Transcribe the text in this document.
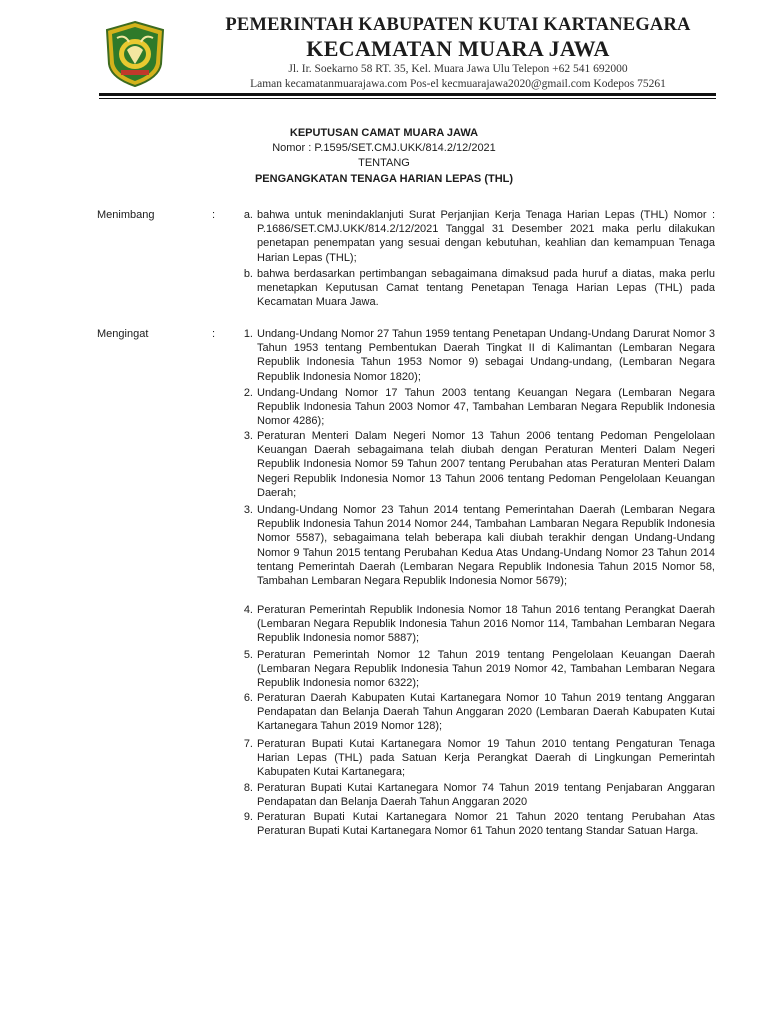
PEMERINTAH KABUPATEN KUTAI KARTANEGARA
KECAMATAN MUARA JAWA
Jl. Ir. Soekarno 58 RT. 35, Kel. Muara Jawa Ulu Telepon +62 541 692000
Laman kecamatanmuarajawa.com Pos-el kecmuarajawa2020@gmail.com Kodepos 75261
KEPUTUSAN CAMAT MUARA JAWA
Nomor : P.1595/SET.CMJ.UKK/814.2/12/2021
TENTANG
PENGANGKATAN TENAGA HARIAN LEPAS (THL)
Menimbang	:	a. bahwa untuk menindaklanjuti Surat Perjanjian Kerja Tenaga Harian Lepas (THL) Nomor : P.1686/SET.CMJ.UKK/814.2/12/2021 Tanggal 31 Desember 2021 maka perlu dilakukan penetapan penempatan yang sesuai dengan kebutuhan, keahlian dan kemampuan Tenaga Harian Lepas (THL);
b. bahwa berdasarkan pertimbangan sebagaimana dimaksud pada huruf a diatas, maka perlu menetapkan Keputusan Camat tentang Penetapan Tenaga Harian Lepas (THL) pada Kecamatan Muara Jawa.
Mengingat	:	1. Undang-Undang Nomor 27 Tahun 1959 tentang Penetapan Undang-Undang Darurat Nomor 3 Tahun 1953 tentang Pembentukan Daerah Tingkat II di Kalimantan (Lembaran Negara Republik Indonesia Tahun 1953 Nomor 9) sebagai Undang-undang, (Lembaran Negara Republik Indonesia Nomor 1820);
2. Undang-Undang Nomor 17 Tahun 2003 tentang Keuangan Negara (Lembaran Negara Republik Indonesia Tahun 2003 Nomor 47, Tambahan Lembaran Negara Republik Indonesia Nomor 4286);
3. Peraturan Menteri Dalam Negeri Nomor 13 Tahun 2006 tentang Pedoman Pengelolaan Keuangan Daerah sebagaimana telah diubah dengan Peraturan Menteri Dalam Negeri Republik Indonesia Nomor 59 Tahun 2007 tentang Perubahan atas Peraturan Menteri Dalam Negeri Republik Indonesia Nomor 13 Tahun 2006 tentang Pedoman Pengelolaan Keuangan Daerah;
3. Undang-Undang Nomor 23 Tahun 2014 tentang Pemerintahan Daerah (Lembaran Negara Republik Indonesia Tahun 2014 Nomor 244, Tambahan Lambaran Negara Republik Indonesia Nomor 5587), sebagaimana telah beberapa kali diubah terakhir dengan Undang-Undang Nomor 9 Tahun 2015 tentang Perubahan Kedua Atas Undang-Undang Nomor 23 Tahun 2014 tentang Pemerintah Daerah (Lembaran Negara Republik Indonesia Tahun 2015 Nomor 58, Tambahan Lembaran Negara Republik Indonesia Nomor 5679);
4. Peraturan Pemerintah Republik Indonesia Nomor 18 Tahun 2016 tentang Perangkat Daerah (Lembaran Negara Republik Indonesia Tahun 2016 Nomor 114, Tambahan Lembaran Negara Republik Indonesia nomor 5887);
5. Peraturan Pemerintah Nomor 12 Tahun 2019 tentang Pengelolaan Keuangan Daerah (Lembaran Negara Republik Indonesia Tahun 2019 Nomor 42, Tambahan Lembaran Negara Republik Indonesia nomor 6322);
6. Peraturan Daerah Kabupaten Kutai Kartanegara Nomor 10 Tahun 2019 tentang Anggaran Pendapatan dan Belanja Daerah Tahun Anggaran 2020 (Lembaran Daerah Kabupaten Kutai Kartanegara Tahun 2019 Nomor 128);
7. Peraturan Bupati Kutai Kartanegara Nomor 19 Tahun 2010 tentang Pengaturan Tenaga Harian Lepas (THL) pada Satuan Kerja Perangkat Daerah di Lingkungan Pemerintah Kabupaten Kutai Kartanegara;
8. Peraturan Bupati Kutai Kartanegara Nomor 74 Tahun 2019 tentang Penjabaran Anggaran Pendapatan dan Belanja Daerah Tahun Anggaran 2020
9. Peraturan Bupati Kutai Kartanegara Nomor 21 Tahun 2020 tentang Perubahan Atas Peraturan Bupati Kutai Kartanegara Nomor 61 Tahun 2020 tentang Standar Satuan Harga.
